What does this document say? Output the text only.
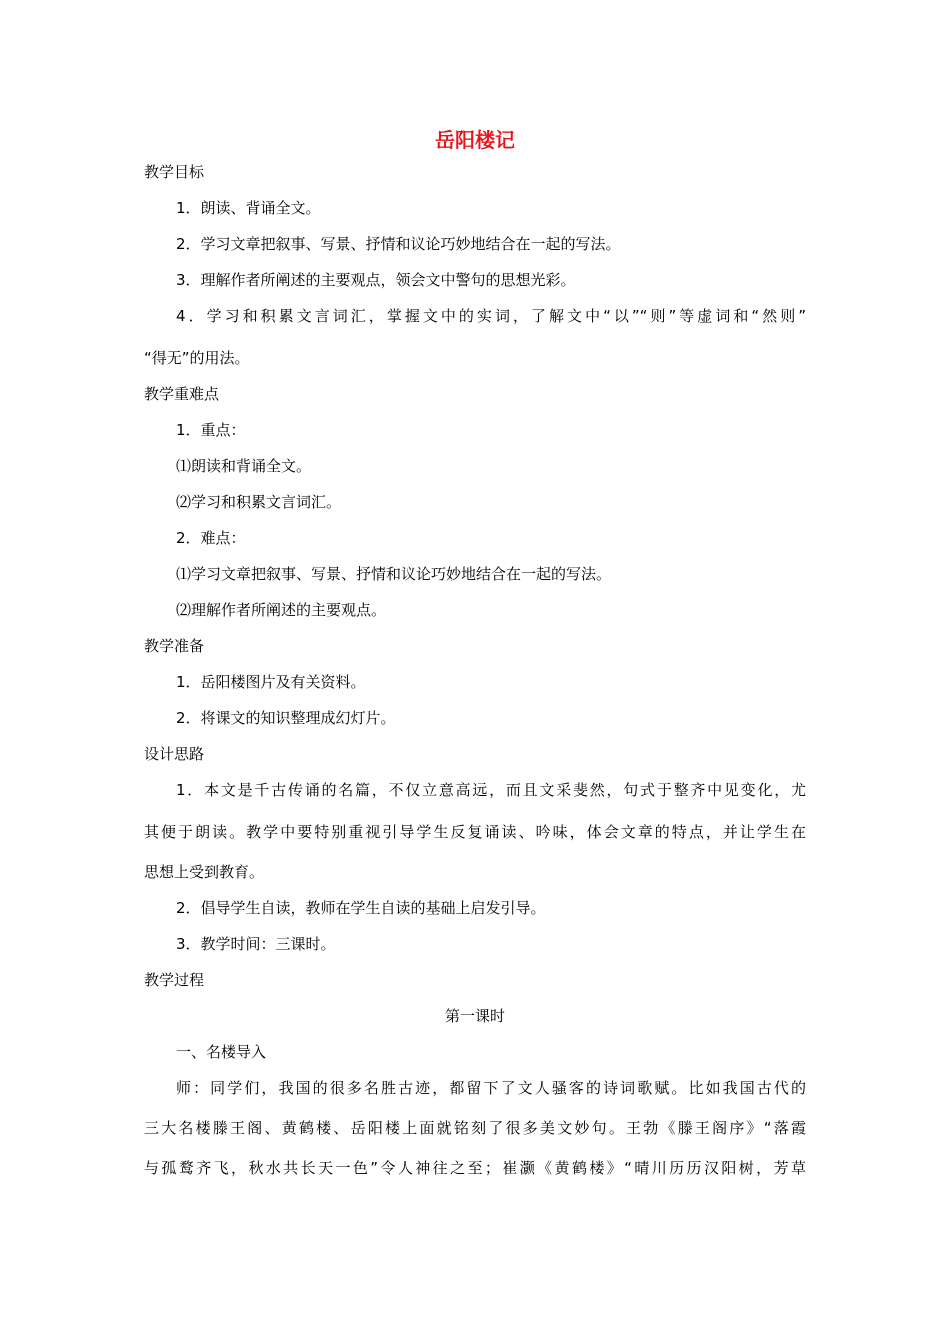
岳阳楼记
教学目标
1．朗读、背诵全文。
2．学习文章把叙事、写景、抒情和议论巧妙地结合在一起的写法。
3．理解作者所阐述的主要观点，领会文中警句的思想光彩。
4．学习和积累文言词汇，掌握文中的实词，了解文中“以”“则”等虚词和“然则”
“得无”的用法。
教学重难点
1．重点：
⑴朗读和背诵全文。
⑵学习和积累文言词汇。
2．难点：
⑴学习文章把叙事、写景、抒情和议论巧妙地结合在一起的写法。
⑵理解作者所阐述的主要观点。
教学准备
1．岳阳楼图片及有关资料。
2．将课文的知识整理成幻灯片。
设计思路
1．本文是千古传诵的名篇，不仅立意高远，而且文采斐然，句式于整齐中见变化，尤
其便于朗读。教学中要特别重视引导学生反复诵读、吟味，体会文章的特点，并让学生在
思想上受到教育。
2．倡导学生自读，教师在学生自读的基础上启发引导。
3．教学时间：三课时。
教学过程
第一课时
一、名楼导入
师：同学们，我国的很多名胜古迹，都留下了文人骚客的诗词歌赋。比如我国古代的
三大名楼滕王阁、黄鹤楼、岳阳楼上面就铭刻了很多美文妙句。王勃《滕王阁序》“落霞
与孤鹜齐飞，秋水共长天一色”令人神往之至；崔灏《黄鹤楼》“晴川历历汉阳树，芳草
